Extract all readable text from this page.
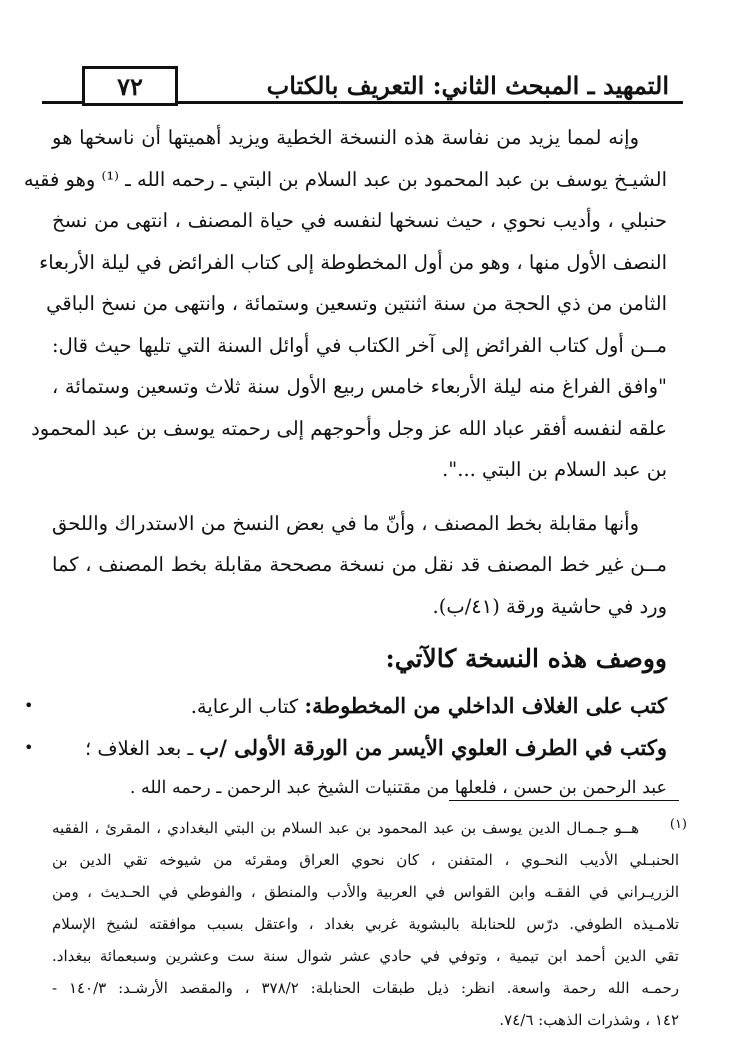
التمهيد ـ المبحث الثاني: التعريف بالكتاب
٧٢
وإنه لمما يزيد من نفاسة هذه النسخة الخطية ويزيد أهميتها أن ناسخها هو
الشيـخ يوسف بن عبد المحمود بن عبد السلام بن البتي ـ رحمه الله ـ ⁽¹⁾ وهو فقيه
حنبلي ، وأديب نحوي ، حيث نسخها لنفسه في حياة المصنف ، انتهى من نسخ
النصف الأول منها ، وهو من أول المخطوطة إلى كتاب الفرائض في ليلة الأربعاء
الثامن من ذي الحجة من سنة اثنتين وتسعين وستمائة ، وانتهى من نسخ الباقي
مــن أول كتاب الفرائض إلى آخر الكتاب في أوائل السنة التي تليها حيث قال:
"وافق الفراغ منه ليلة الأربعاء خامس ربيع الأول سنة ثلاث وتسعين وستمائة ،
علقه لنفسه أفقر عباد الله عز وجل وأحوجهم إلى رحمته يوسف بن عبد المحمود
بن عبد السلام بن البتي ...".
وأنها مقابلة بخط المصنف ، وأنّ ما في بعض النسخ من الاستدراك واللحق
مــن غير خط المصنف قد نقل من نسخة مصححة مقابلة بخط المصنف ، كما
ورد في حاشية ورقة (٤١/ب).
ووصف هذه النسخة كالآتي:
•	كتب على الغلاف الداخلي من المخطوطة: كتاب الرعاية.
•	وكتب في الطرف العلوي الأيسر من الورقة الأولى /ب ـ بعد الغلاف ؛
عبد الرحمن بن حسن ، فلعلها من مقتنيات الشيخ عبد الرحمن ـ رحمه الله .
(١)
هــو جـمـال الدين يوسف بن عبد المحمود بن عبد السلام بن البتي البغدادي ، المقرئ ، الفقيه
الحنبـلي الأديب النحـوي ، المتفنن ، كان نحوي العراق ومقرئه من شيوخه تقي الدين بن
الزريـراني في الفقـه وابن القواس في العربية والأدب والمنطق ، والفوطي في الحـديث ، ومن
تلامـيذه الطوفي. درّس للحنابلة بالبشوية غربي بغداد ، واعتقل بسبب موافقته لشيخ الإسلام
تقي الدين أحمد ابن تيمية ، وتوفي في حادي عشر شوال سنة ست وعشرين وسبعمائة ببغداد.
رحمـه الله رحمة واسعة. انظر: ذيل طبقات الحنابلة: ٣٧٨/٢ ، والمقصد الأرشـد: ١٤٠/٣ -
١٤٢ ، وشذرات الذهب: ٧٤/٦.
